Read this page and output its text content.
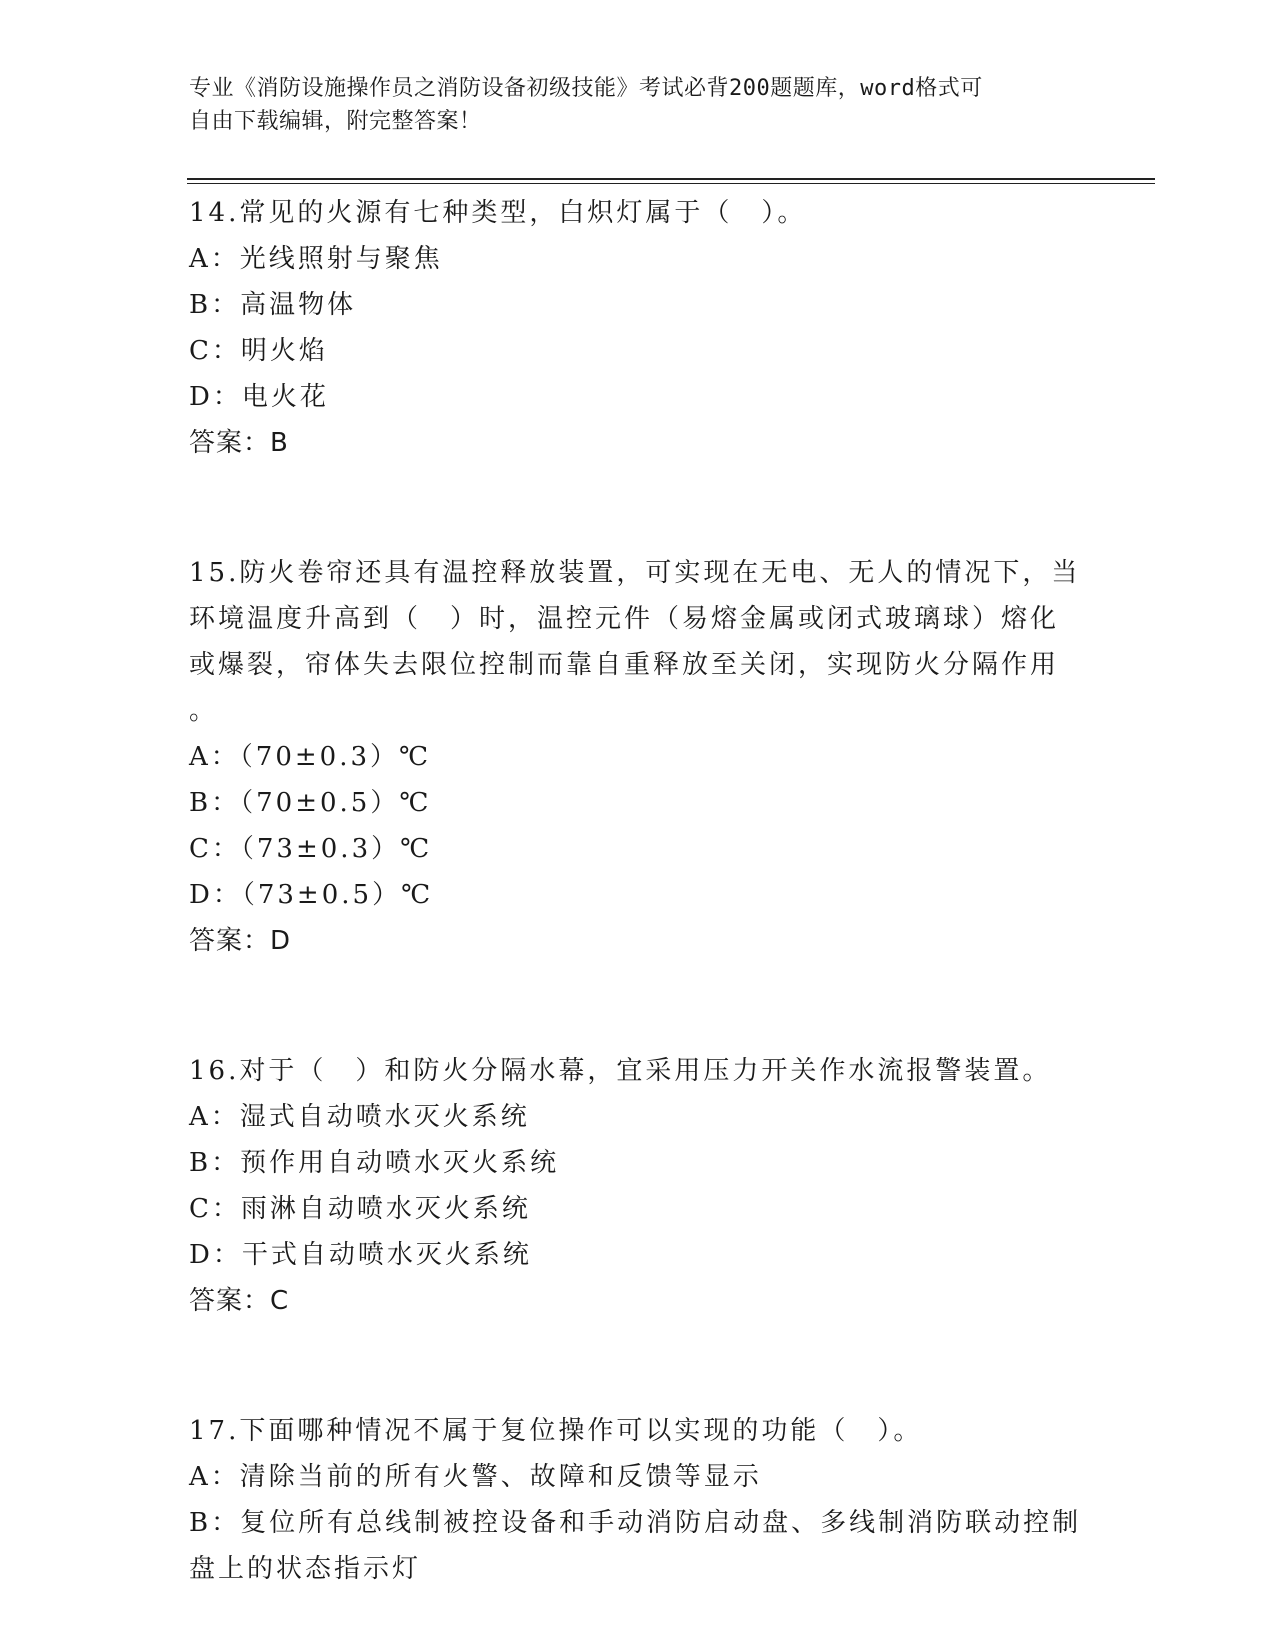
专业《消防设施操作员之消防设备初级技能》考试必背200题题库，word格式可
自由下载编辑，附完整答案！
14.常见的火源有七种类型，白炽灯属于（　）。
A：光线照射与聚焦
B：高温物体
C：明火焰
D：电火花
答案：B
15.防火卷帘还具有温控释放装置，可实现在无电、无人的情况下，当
环境温度升高到（　）时，温控元件（易熔金属或闭式玻璃球）熔化
或爆裂，帘体失去限位控制而靠自重释放至关闭，实现防火分隔作用
。
A：（70±0.3）℃
B：（70±0.5）℃
C：（73±0.3）℃
D：（73±0.5）℃
答案：D
16.对于（　）和防火分隔水幕，宜采用压力开关作水流报警装置。
A：湿式自动喷水灭火系统
B：预作用自动喷水灭火系统
C：雨淋自动喷水灭火系统
D：干式自动喷水灭火系统
答案：C
17.下面哪种情况不属于复位操作可以实现的功能（　）。
A：清除当前的所有火警、故障和反馈等显示
B：复位所有总线制被控设备和手动消防启动盘、多线制消防联动控制
盘上的状态指示灯
